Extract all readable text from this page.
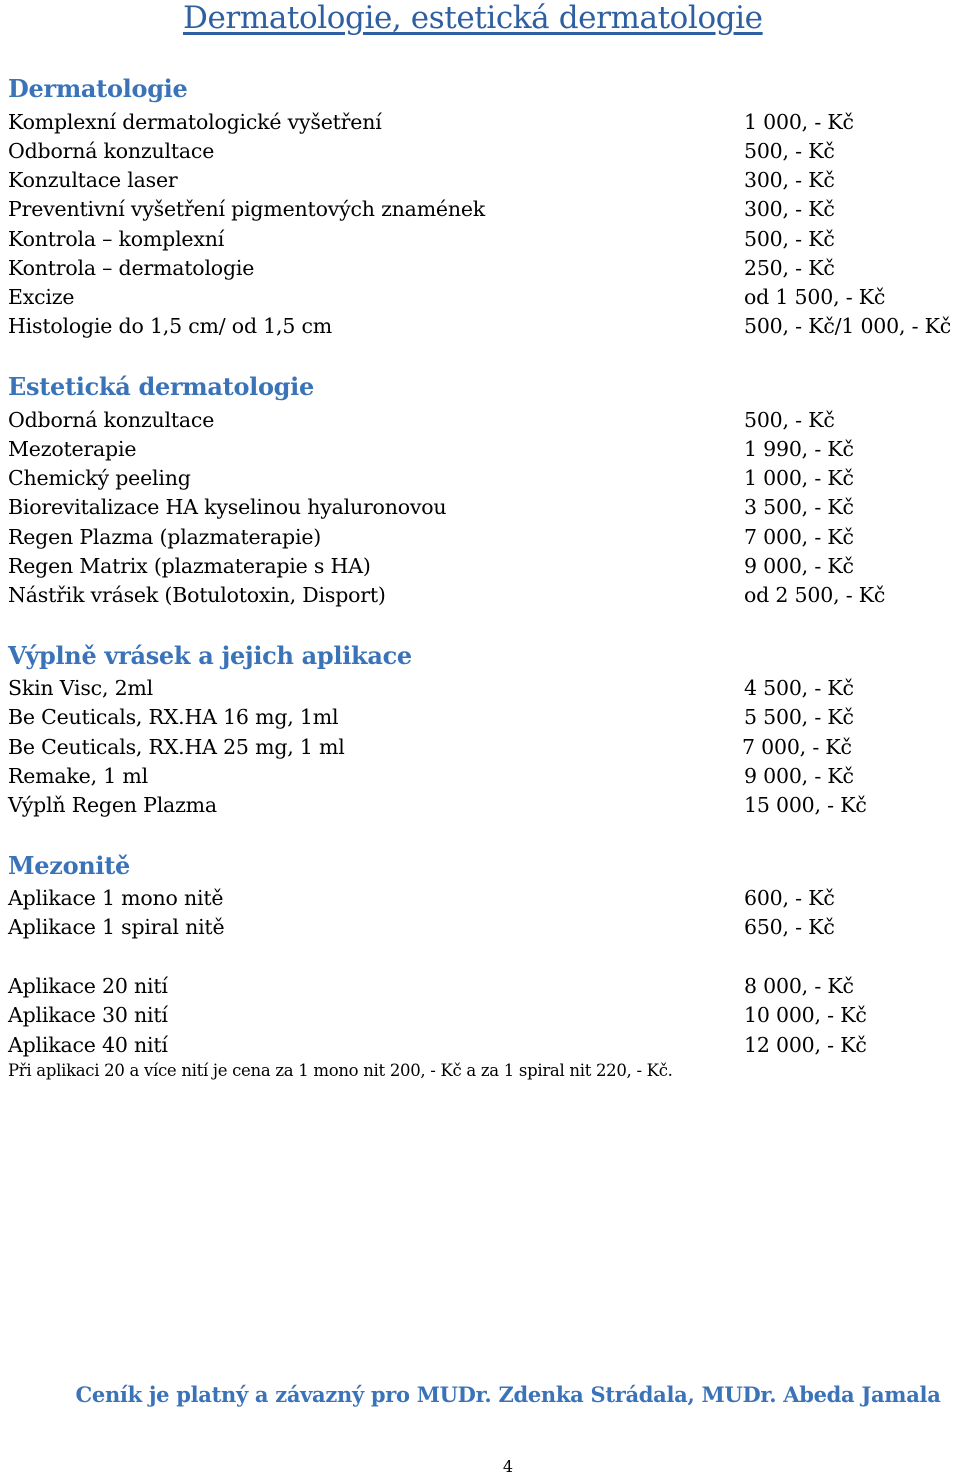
Dermatologie, estetická dermatologie
Dermatologie
Komplexní dermatologické vyšetření	1 000, - Kč
Odborná konzultace	500, - Kč
Konzultace laser	300, - Kč
Preventivní vyšetření pigmentových znamének	300, - Kč
Kontrola – komplexní	500, - Kč
Kontrola – dermatologie	250, - Kč
Excize	od 1 500, - Kč
Histologie do 1,5 cm/ od 1,5 cm	500, - Kč/1 000, - Kč
Estetická dermatologie
Odborná konzultace	500, - Kč
Mezoterapie	1 990, - Kč
Chemický peeling	1 000, - Kč
Biorevitalizace HA kyselinou hyaluronovou	3 500, - Kč
Regen Plazma (plazmaterapie)	7 000, - Kč
Regen Matrix (plazmaterapie s HA)	9 000, - Kč
Nástřik vrásek (Botulotoxin, Disport)	od 2 500, - Kč
Výplně vrásek a jejich aplikace
Skin Visc, 2ml	4 500, - Kč
Be Ceuticals, RX.HA 16 mg, 1ml	5 500, - Kč
Be Ceuticals, RX.HA 25 mg, 1 ml	7 000, - Kč
Remake, 1 ml	9 000, - Kč
Výplň Regen Plazma	15 000, - Kč
Mezonitě
Aplikace 1 mono nitě	600, - Kč
Aplikace 1 spiral nitě	650, - Kč
Aplikace 20 nití	8 000, - Kč
Aplikace 30 nití	10 000, - Kč
Aplikace 40 nití	12 000, - Kč
Při aplikaci 20 a více nití je cena za 1 mono nit 200, - Kč a za 1 spiral nit 220, - Kč.
Ceník je platný a závazný pro MUDr. Zdenka Strádala, MUDr. Abeda Jamala
4
